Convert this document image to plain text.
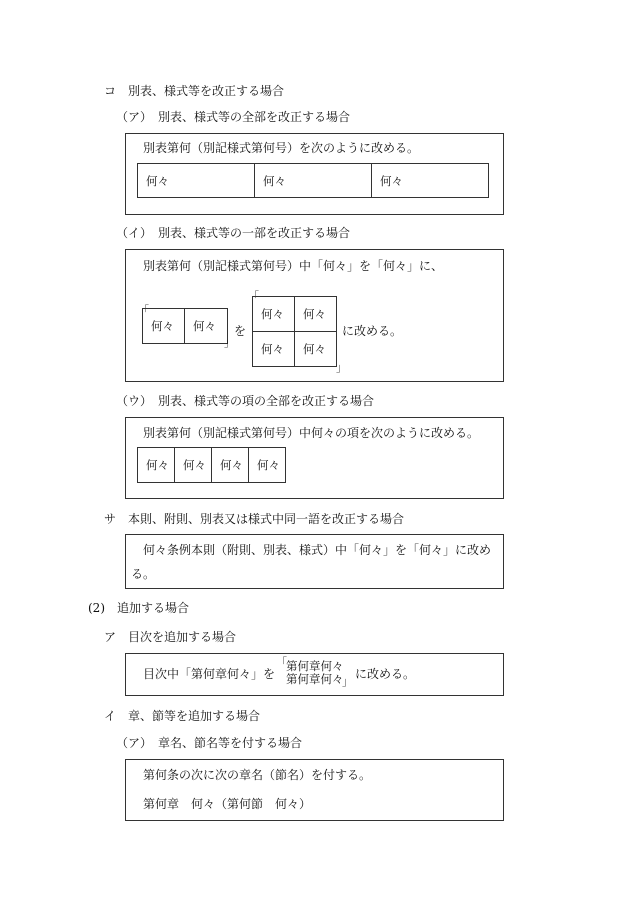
コ　別表、様式等を改正する場合
（ア）　別表、様式等の全部を改正する場合
別表第何（別記様式第何号）を次のように改める。
何々	何々	何々
（イ）　別表、様式等の一部を改正する場合
別表第何（別記様式第何号）中「何々」を「何々」に、
「
何々	何々
」
を
「
何々	何々
何々	何々
」
に改める。
（ウ）　別表、様式等の項の全部を改正する場合
別表第何（別記様式第何号）中何々の項を次のように改める。
何々	何々	何々	何々
サ　本則、附則、別表又は様式中同一語を改正する場合
何々条例本則（附則、別表、様式）中「何々」を「何々」に改め
る。
(2)　追加する場合
ア　目次を追加する場合
目次中「第何章何々」を
「 第何章何々
第何章何々
」
に改める。
イ　章、節等を追加する場合
（ア）　章名、節名等を付する場合
第何条の次に次の章名（節名）を付する。
第何章　何々（第何節　何々）
